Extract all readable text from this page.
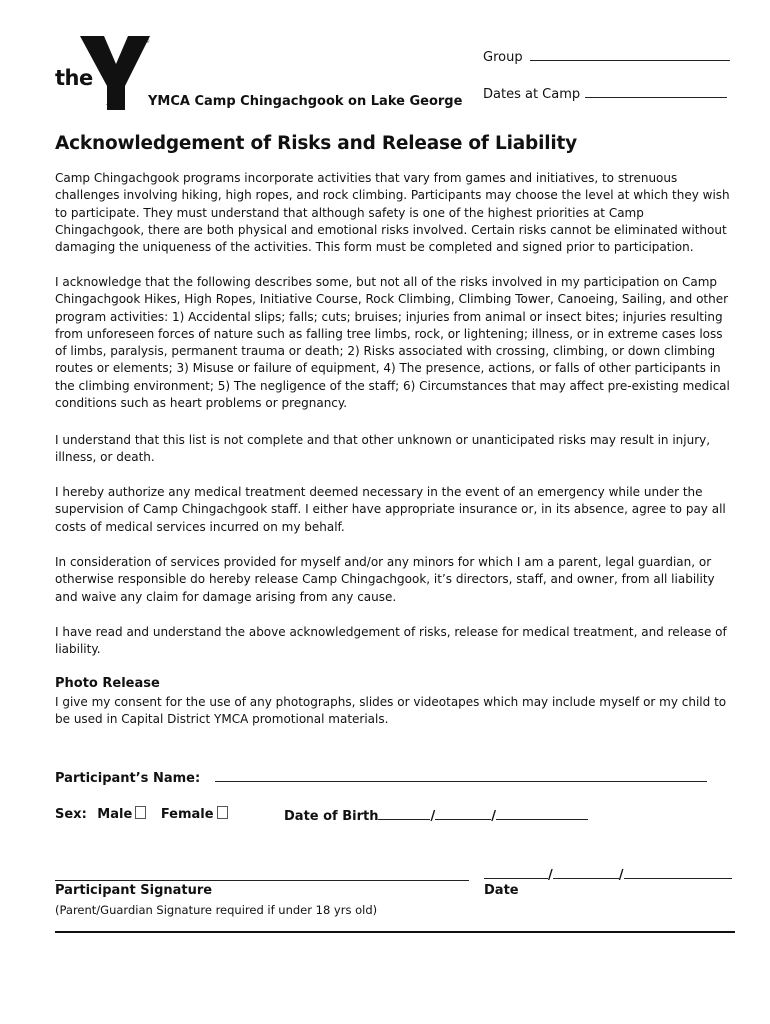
the
YMCA
®
YMCA Camp Chingachgook on Lake George
Group
Dates at Camp
Acknowledgement of Risks and Release of Liability

Camp Chingachgook programs incorporate activities that vary from games and initiatives, to strenuous challenges involving hiking, high ropes, and rock climbing. Participants may choose the level at which they wish to participate. They must understand that although safety is one of the highest priorities at Camp Chingachgook, there are both physical and emotional risks involved. Certain risks cannot be eliminated without damaging the uniqueness of the activities. This form must be completed and signed prior to participation.

I acknowledge that the following describes some, but not all of the risks involved in my participation on Camp Chingachgook Hikes, High Ropes, Initiative Course, Rock Climbing, Climbing Tower, Canoeing, Sailing, and other program activities: 1) Accidental slips; falls; cuts; bruises; injuries from animal or insect bites; injuries resulting from unforeseen forces of nature such as falling tree limbs, rock, or lightening; illness, or in extreme cases loss of limbs, paralysis, permanent trauma or death; 2) Risks associated with crossing, climbing, or down climbing routes or elements; 3) Misuse or failure of equipment, 4) The presence, actions, or falls of other participants in the climbing environment; 5) The negligence of the staff; 6) Circumstances that may affect pre-existing medical conditions such as heart problems or pregnancy.

I understand that this list is not complete and that other unknown or unanticipated risks may result in injury, illness, or death.

I hereby authorize any medical treatment deemed necessary in the event of an emergency while under the supervision of Camp Chingachgook staff. I either have appropriate insurance or, in its absence, agree to pay all costs of medical services incurred on my behalf.

In consideration of services provided for myself and/or any minors for which I am a parent, legal guardian, or otherwise responsible do hereby release Camp Chingachgook, it’s directors, staff, and owner, from all liability and waive any claim for damage arising from any cause.

I have read and understand the above acknowledgement of risks, release for medical treatment, and release of liability.

Photo Release

I give my consent for the use of any photographs, slides or videotapes which may include myself or my child to be used in Capital District YMCA promotional materials.

Participant’s Name:
Sex: Male Female	Date of Birth	/	/
/	/
Participant Signature	Date
(Parent/Guardian Signature required if under 18 yrs old)
